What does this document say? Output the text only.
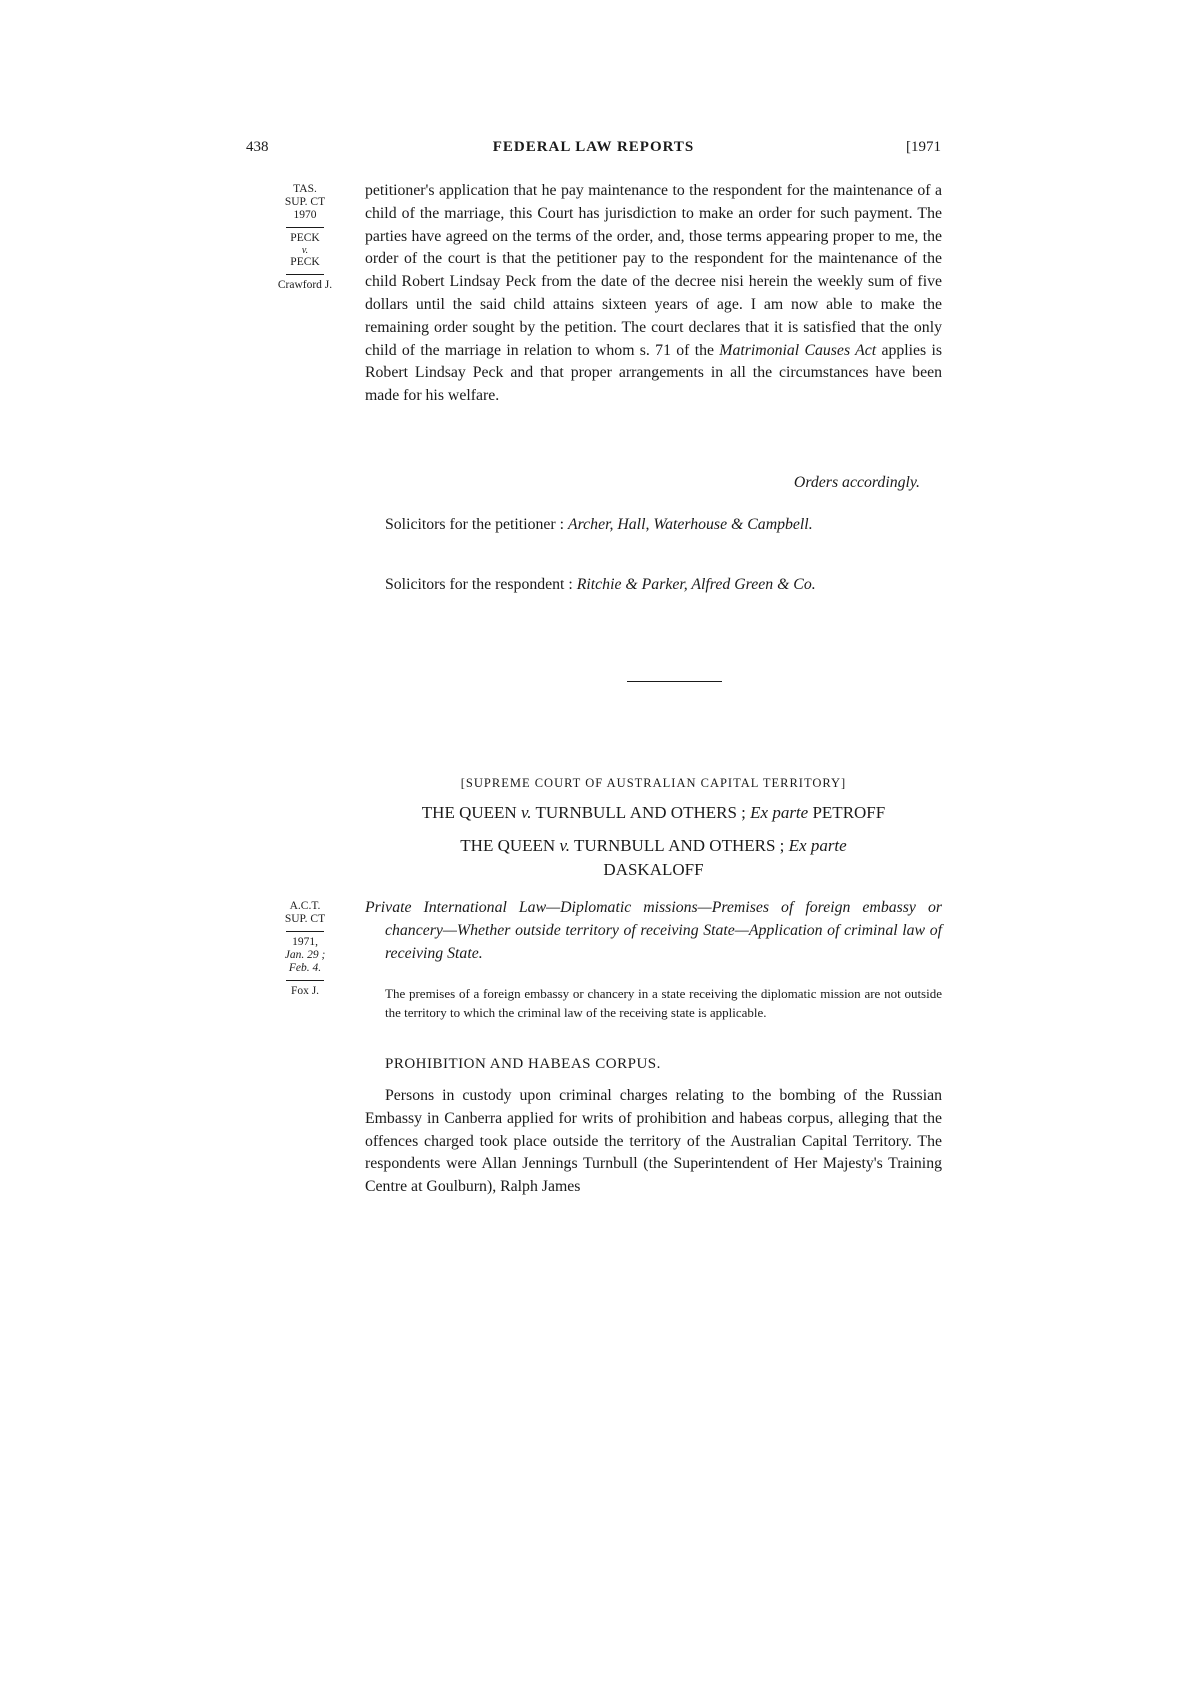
438	FEDERAL LAW REPORTS	[1971
TAS.
SUP. CT
1970
PECK
v.
PECK
Crawford J.

petitioner's application that he pay maintenance to the respondent for the maintenance of a child of the marriage, this Court has jurisdiction to make an order for such payment. The parties have agreed on the terms of the order, and, those terms appearing proper to me, the order of the court is that the petitioner pay to the respondent for the maintenance of the child Robert Lindsay Peck from the date of the decree nisi herein the weekly sum of five dollars until the said child attains sixteen years of age. I am now able to make the remaining order sought by the petition. The court declares that it is satisfied that the only child of the marriage in relation to whom s. 71 of the Matrimonial Causes Act applies is Robert Lindsay Peck and that proper arrangements in all the circumstances have been made for his welfare.

Orders accordingly.
Solicitors for the petitioner : Archer, Hall, Waterhouse & Campbell.
Solicitors for the respondent : Ritchie & Parker, Alfred Green & Co.
[SUPREME COURT OF AUSTRALIAN CAPITAL TERRITORY]
THE QUEEN v. TURNBULL AND OTHERS ; Ex parte PETROFF
THE QUEEN v. TURNBULL AND OTHERS ; Ex parte
DASKALOFF
A.C.T.
SUP. CT
1971,
Jan. 29 ;
Feb. 4.
Fox J.
Private International Law—Diplomatic missions—Premises of foreign embassy or chancery—Whether outside territory of receiving State—Application of criminal law of receiving State.
The premises of a foreign embassy or chancery in a state receiving the diplomatic mission are not outside the territory to which the criminal law of the receiving state is applicable.
PROHIBITION AND HABEAS CORPUS.
Persons in custody upon criminal charges relating to the bombing of the Russian Embassy in Canberra applied for writs of prohibition and habeas corpus, alleging that the offences charged took place outside the territory of the Australian Capital Territory. The respondents were Allan Jennings Turnbull (the Superintendent of Her Majesty's Training Centre at Goulburn), Ralph James
